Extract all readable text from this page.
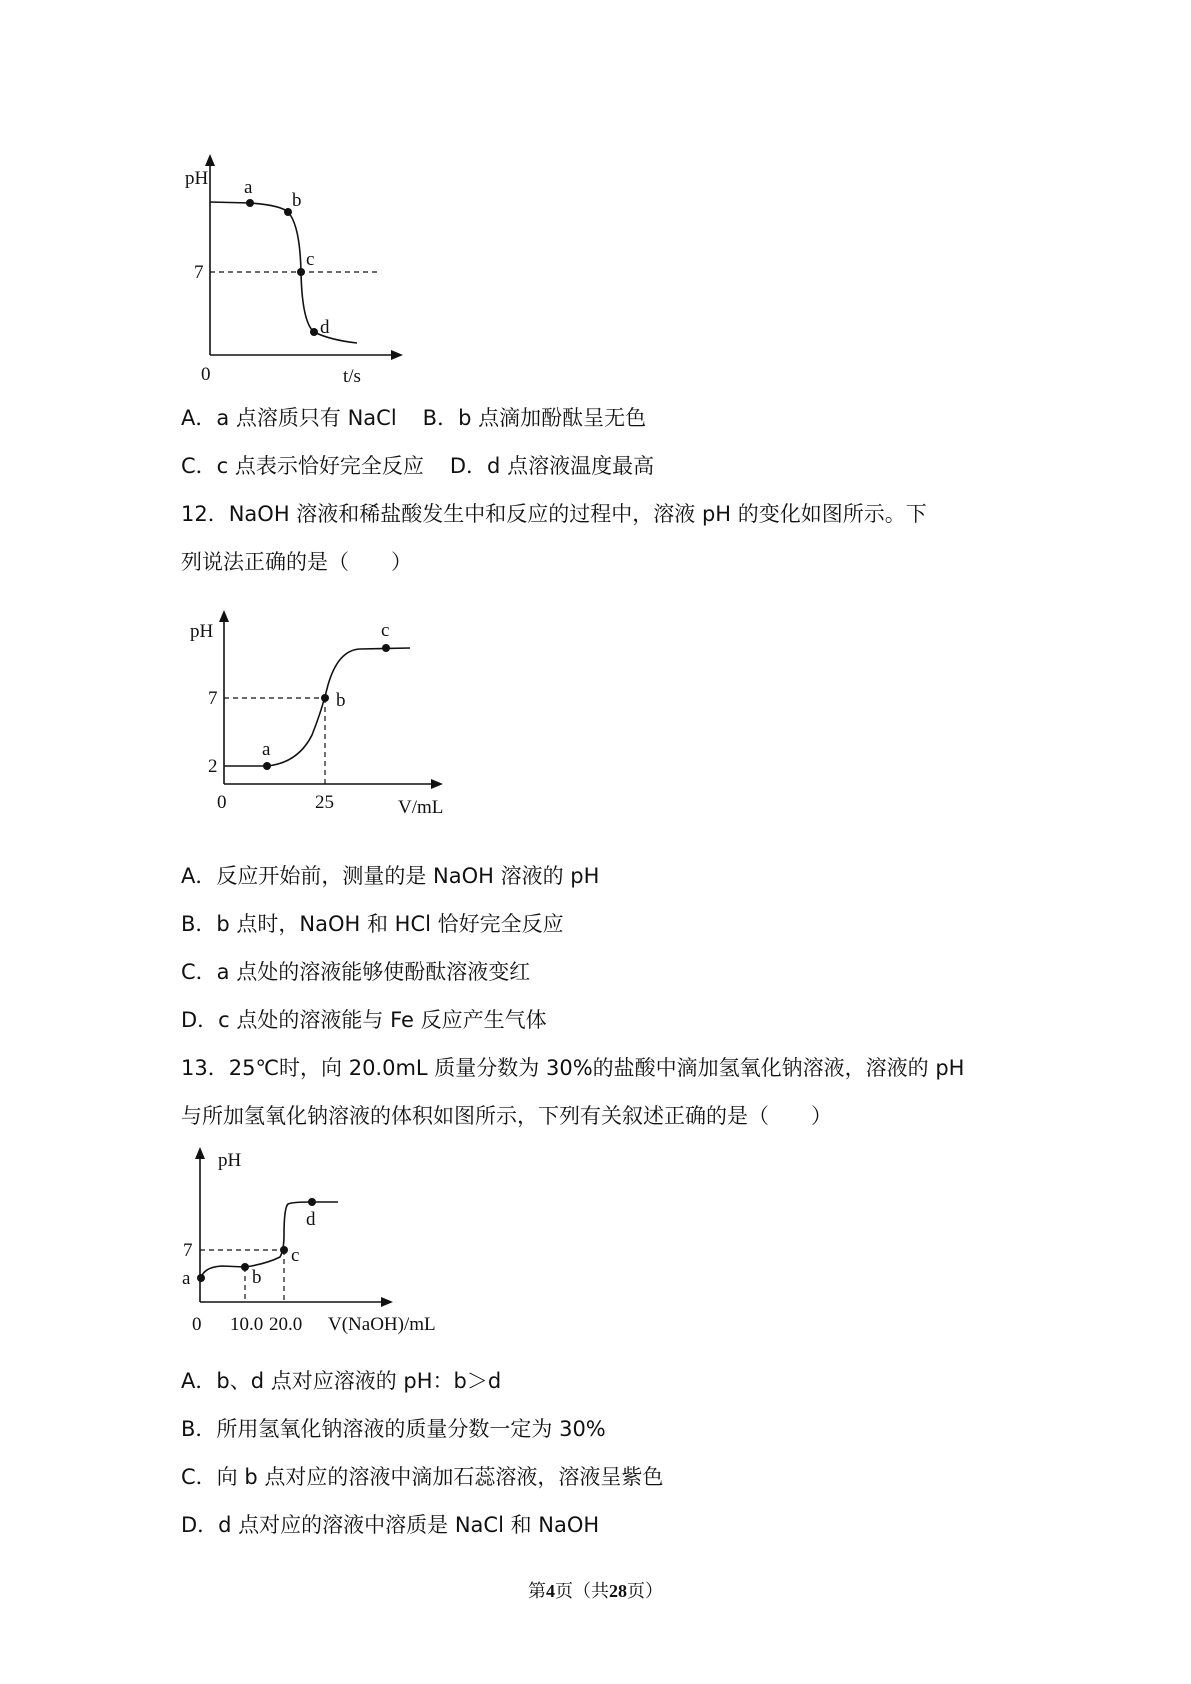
pH
t/s
0
7
a
b
c
d
A．a 点溶质只有 NaCl B．b 点滴加酚酞呈无色
C．c 点表示恰好完全反应 D．d 点溶液温度最高
12．NaOH 溶液和稀盐酸发生中和反应的过程中，溶液 pH 的变化如图所示。下
列说法正确的是（　　）
pH
7
2
0	25	V/mL
a
b
c
A．反应开始前，测量的是 NaOH 溶液的 pH
B．b 点时，NaOH 和 HCl 恰好完全反应
C．a 点处的溶液能够使酚酞溶液变红
D．c 点处的溶液能与 Fe 反应产生气体
13．25℃时，向 20.0mL 质量分数为 30%的盐酸中滴加氢氧化钠溶液，溶液的 pH
与所加氢氧化钠溶液的体积如图所示，下列有关叙述正确的是（　　）
pH
7
a	b
c
d
0 10.0 20.0 V(NaOH)/mL
A．b、d 点对应溶液的 pH：b＞d
B．所用氢氧化钠溶液的质量分数一定为 30%
C．向 b 点对应的溶液中滴加石蕊溶液，溶液呈紫色
D．d 点对应的溶液中溶质是 NaCl 和 NaOH
第4页（共28页）
